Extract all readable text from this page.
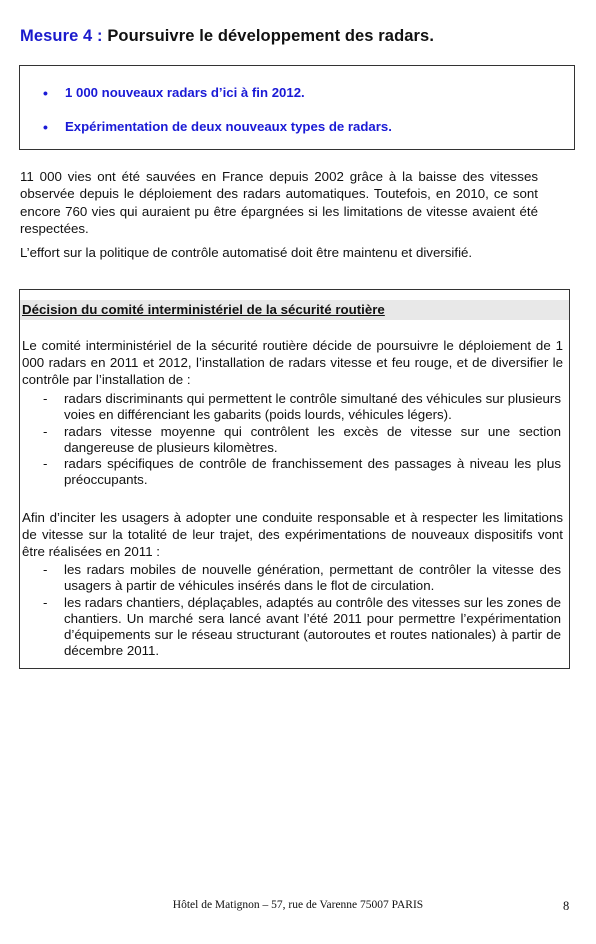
Mesure 4 : Poursuivre le développement des radars.
• 1 000 nouveaux radars d’ici à fin 2012.
• Expérimentation de deux nouveaux types de radars.

11 000 vies ont été sauvées en France depuis 2002 grâce à la baisse des vitesses observée depuis le déploiement des radars automatiques. Toutefois, en 2010, ce sont encore 760 vies qui auraient pu être épargnées si les limitations de vitesse avaient été respectées.

L’effort sur la politique de contrôle automatisé doit être maintenu et diversifié.

Décision du comité interministériel de la sécurité routière

Le comité interministériel de la sécurité routière décide de poursuivre le déploiement de 1 000 radars en 2011 et 2012, l’installation de radars vitesse et feu rouge, et de diversifier le contrôle par l’installation de :

- radars discriminants qui permettent le contrôle simultané des véhicules sur plusieurs voies en différenciant les gabarits (poids lourds, véhicules légers).
- radars vitesse moyenne qui contrôlent les excès de vitesse sur une section dangereuse de plusieurs kilomètres.
- radars spécifiques de contrôle de franchissement des passages à niveau les plus préoccupants.

Afin d’inciter les usagers à adopter une conduite responsable et à respecter les limitations de vitesse sur la totalité de leur trajet, des expérimentations de nouveaux dispositifs vont être réalisées en 2011 :

- les radars mobiles de nouvelle génération, permettant de contrôler la vitesse des usagers à partir de véhicules insérés dans le flot de circulation.
- les radars chantiers, déplaçables, adaptés au contrôle des vitesses sur les zones de chantiers. Un marché sera lancé avant l’été 2011 pour permettre l’expérimentation d’équipements sur le réseau structurant (autoroutes et routes nationales) à partir de décembre 2011.
Hôtel de Matignon – 57, rue de Varenne 75007 PARIS	8
